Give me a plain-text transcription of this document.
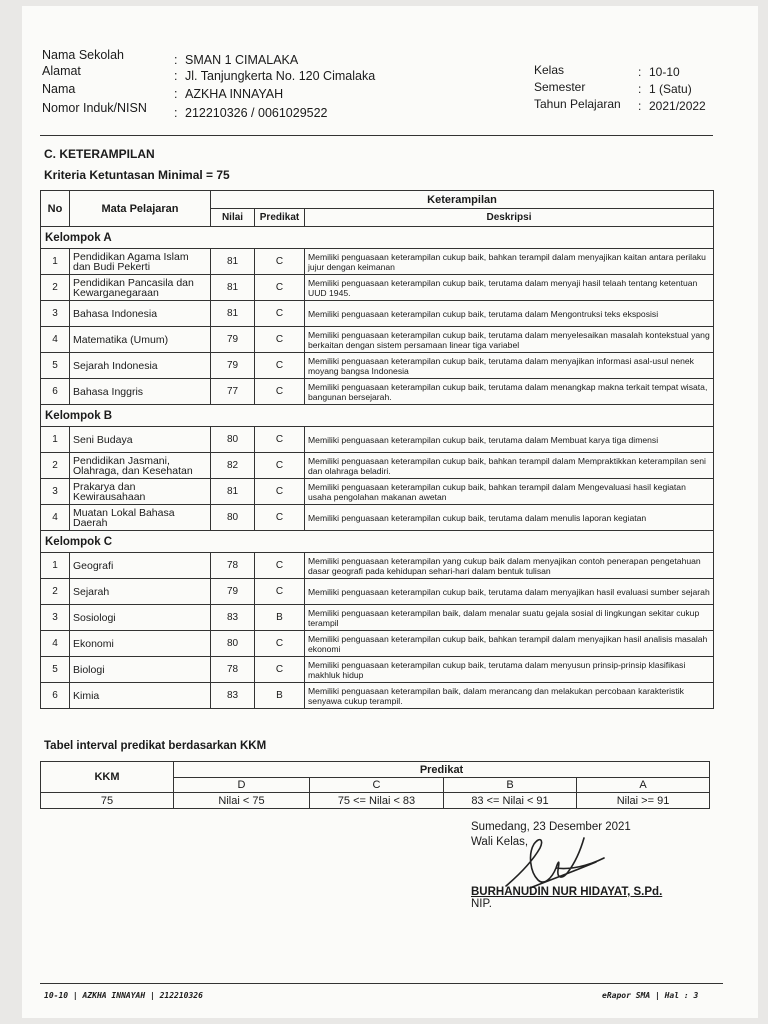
Nama Sekolah	: SMAN 1 CIMALAKA
Alamat	: Jl. Tanjungkerta No. 120 Cimalaka
Nama	: AZKHA INNAYAH
Nomor Induk/NISN : 212210326 / 0061029522
Kelas	: 10-10
Semester	: 1 (Satu)
Tahun Pelajaran : 2021/2022
C. KETERAMPILAN
Kriteria Ketuntasan Minimal = 75
No	Mata Pelajaran	Keterampilan		
		Nilai	Predikat	Deskripsi
Kelompok A				
1	Pendidikan Agama Islam dan Budi Pekerti	81	C	Memiliki penguasaan keterampilan cukup baik, bahkan terampil dalam menyajikan kaitan antara perilaku jujur dengan keimanan
2	Pendidikan Pancasila dan Kewarganegaraan	81	C	Memiliki penguasaan keterampilan cukup baik, terutama dalam menyaji hasil telaah tentang ketentuan UUD 1945.
3	Bahasa Indonesia	81	C	Memiliki penguasaan keterampilan cukup baik, terutama dalam Mengontruksi teks eksposisi
4	Matematika (Umum)	79	C	Memiliki penguasaan keterampilan cukup baik, terutama dalam menyelesaikan masalah kontekstual yang berkaitan dengan sistem persamaan linear tiga variabel
5	Sejarah Indonesia	79	C	Memiliki penguasaan keterampilan cukup baik, terutama dalam menyajikan informasi asal-usul nenek moyang bangsa Indonesia
6	Bahasa Inggris	77	C	Memiliki penguasaan keterampilan cukup baik, terutama dalam menangkap makna terkait tempat wisata, bangunan bersejarah.
Kelompok B				
1	Seni Budaya	80	C	Memiliki penguasaan keterampilan cukup baik, terutama dalam Membuat karya tiga dimensi
2	Pendidikan Jasmani, Olahraga, dan Kesehatan	82	C	Memiliki penguasaan keterampilan cukup baik, bahkan terampil dalam Mempraktikkan keterampilan seni dan olahraga beladiri.
3	Prakarya dan Kewirausahaan	81	C	Memiliki penguasaan keterampilan cukup baik, bahkan terampil dalam Mengevaluasi hasil kegiatan usaha pengolahan makanan awetan
4	Muatan Lokal Bahasa Daerah	80	C	Memiliki penguasaan keterampilan cukup baik, terutama dalam menulis laporan kegiatan
Kelompok C				
1	Geografi	78	C	Memiliki penguasaan keterampilan yang cukup baik dalam menyajikan contoh penerapan pengetahuan dasar geografi pada kehidupan sehari-hari dalam bentuk tulisan
2	Sejarah	79	C	Memiliki penguasaan keterampilan cukup baik, terutama dalam menyajikan hasil evaluasi sumber sejarah
3	Sosiologi	83	B	Memiliki penguasaan keterampilan baik, dalam menalar suatu gejala sosial di lingkungan sekitar cukup terampil
4	Ekonomi	80	C	Memiliki penguasaan keterampilan cukup baik, bahkan terampil dalam menyajikan hasil analisis masalah ekonomi
5	Biologi	78	C	Memiliki penguasaan keterampilan cukup baik, terutama dalam menyusun prinsip-prinsip klasifikasi makhluk hidup
6	Kimia	83	B	Memiliki penguasaan keterampilan baik, dalam merancang dan melakukan percobaan karakteristik senyawa cukup terampil.
Tabel interval predikat berdasarkan KKM
KKM	Predikat			
	D	C	B	A
75	Nilai < 75	75 <= Nilai < 83	83 <= Nilai < 91	Nilai >= 91
Sumedang, 23 Desember 2021
Wali Kelas,
BURHANUDIN NUR HIDAYAT, S.Pd.
NIP.
10-10 | AZKHA INNAYAH | 212210326	eRapor SMA | Hal : 3
